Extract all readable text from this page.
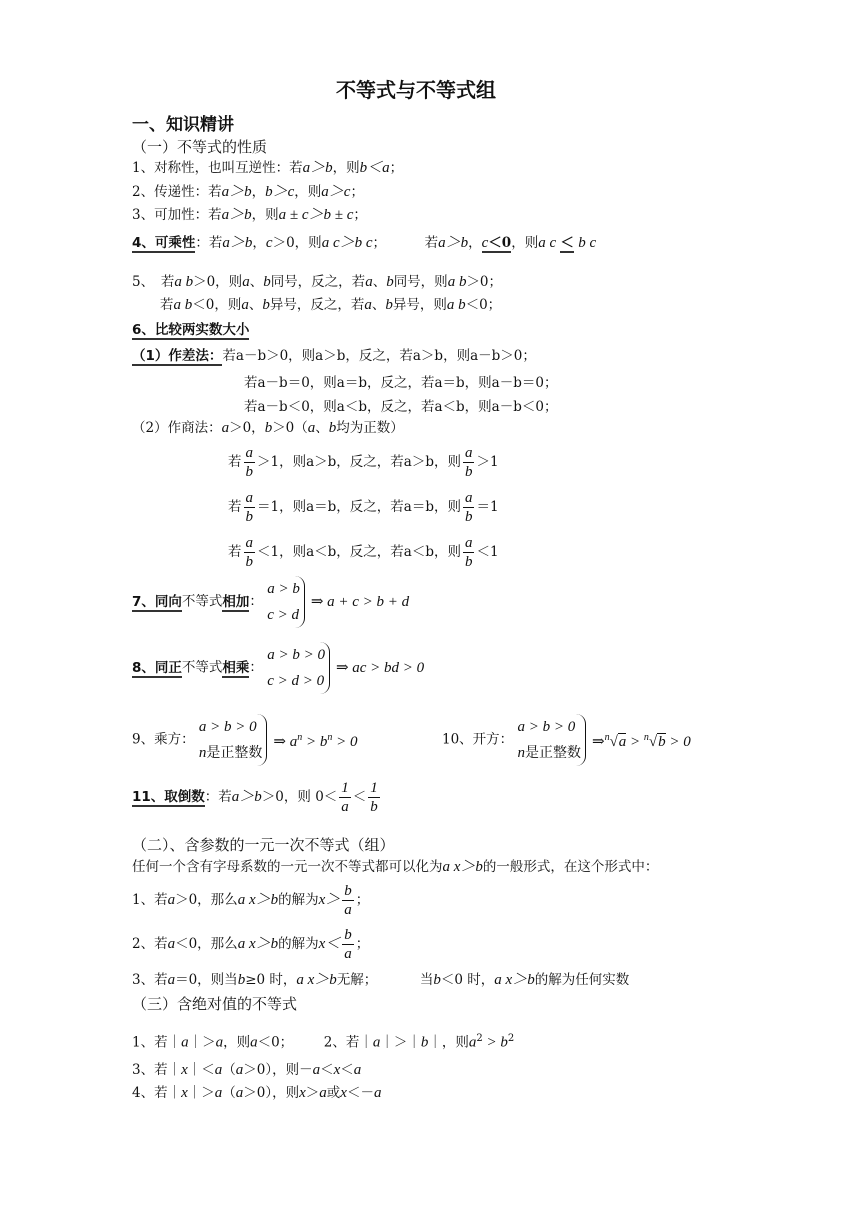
不等式与不等式组
一、知识精讲
（一）不等式的性质
1、对称性，也叫互逆性：若a＞b，则b＜a；
2、传递性：若a＞b，b＞c，则a＞c；
3、可加性：若a＞b，则a ± c＞b ± c；
4、可乘性：若a＞b，c＞0，则a c＞b c；	若a＞b，c＜0，则a c ＜ b c
5、　若a b＞0，则a、b同号，反之，若a、b同号，则a b＞0；
若a b＜0，则a、b异号，反之，若a、b异号，则a b＜0；
6、比较两实数大小
（1）作差法：若a－b＞0，则a＞b，反之，若a＞b，则a－b＞0；
若a－b＝0，则a＝b，反之，若a＝b，则a－b＝0；
若a－b＜0，则a＜b，反之，若a＜b，则a－b＜0；
（2）作商法：a＞0，b＞0（a、b均为正数）
若 $\frac{a}{b} >1$，则a＞b，反之，若a＞b，则 $\frac{a}{b} >1$
若 $\frac{a}{b} =1$，则a＝b，反之，若a＝b，则 $\frac{a}{b} =1$
若 $\frac{a}{b} <1$，则a＜b，反之，若a＜b，则 $\frac{a}{b} <1$
7、同向不等式相加：
a > b
c > d
⇒ a + c > b + d
8、同正不等式相乘：
a > b > 0
c > d > 0
⇒ ac > bd > 0
9、乘方：
a > b > 0
n是正整数
⇒ $a^n > b^n > 0$	10、开方：
a > b > 0
n是正整数
⇒$^n$√a > $^n$√b > 0
11、取倒数：若a＞b＞0，则 $0< \frac{1}{a} < \frac{1}{b}$
（二）、含参数的一元一次不等式（组）
任何一个含有字母系数的一元一次不等式都可以化为a x＞b的一般形式，在这个形式中：
1、若a＞0，那么a x＞b的解为$x> \frac{b}{a}$ ；
2、若a＜0，那么a x＞b的解为$x< \frac{b}{a}$ ；
3、若a＝0，则当b≥0 时，a x＞b无解；	当b＜0 时，a x＞b的解为任何实数
（三）含绝对值的不等式
1、若｜a｜＞a，则a＜0； 2、若｜a｜＞｜b｜，则$a^2 > b^2$
3、若｜x｜＜a（a＞0），则－a＜x＜a
4、若｜x｜＞a（a＞0），则x＞a或x＜－a
